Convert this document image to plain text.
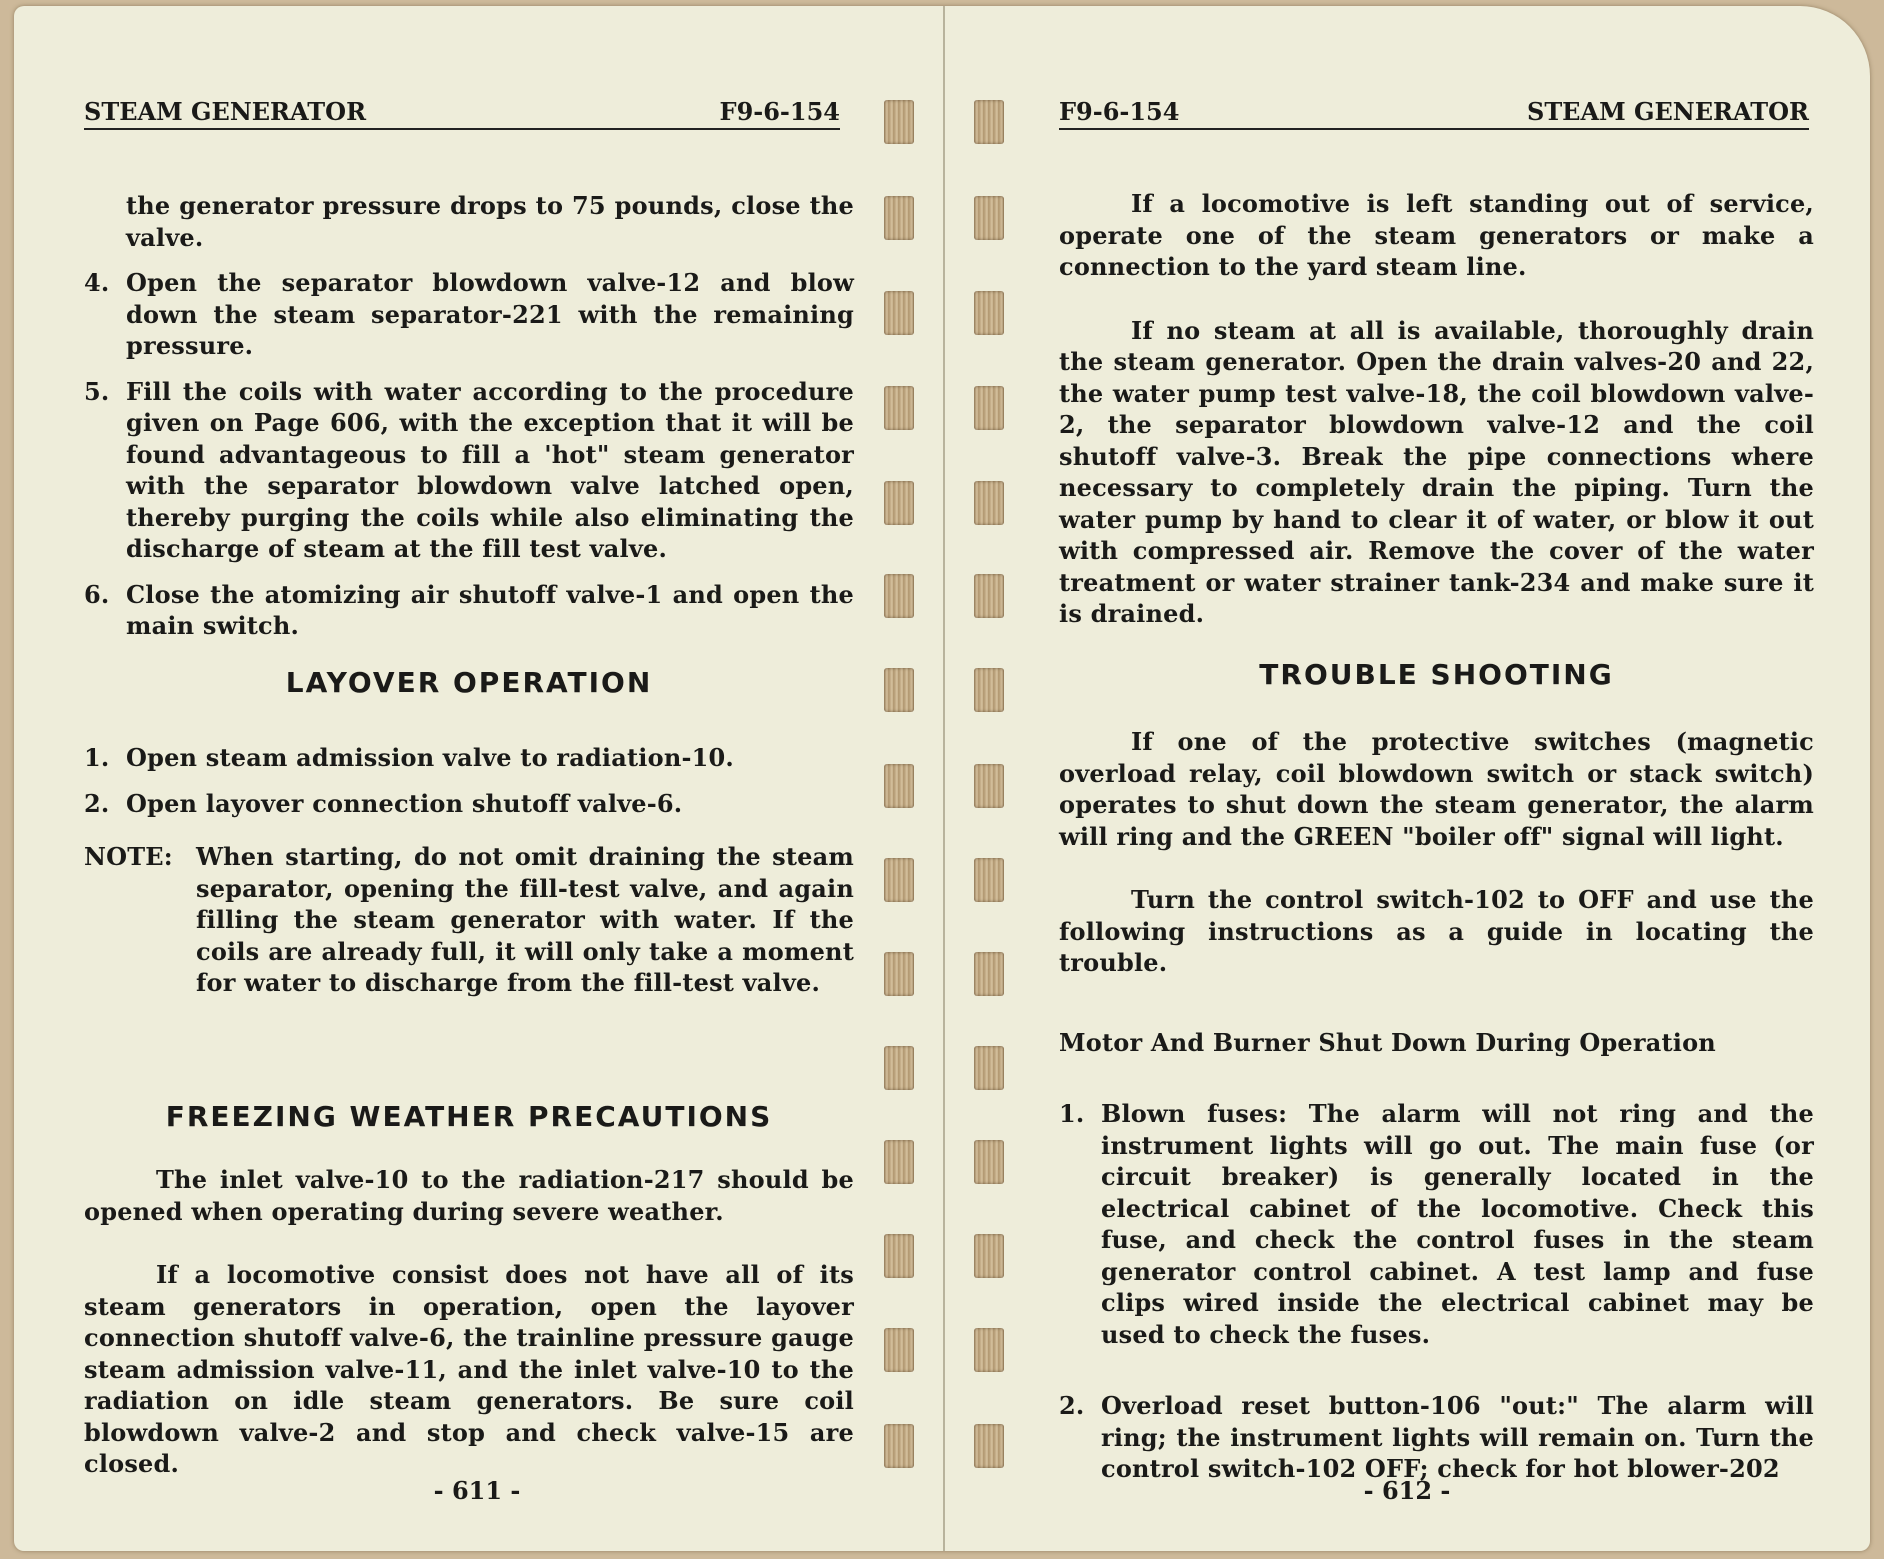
STEAM GENERATOR	F9-6-154

the generator pressure drops to 75 pounds, close the valve.

4. Open the separator blowdown valve-12 and blow down the steam separator-221 with the remaining pressure.

5. Fill the coils with water according to the procedure given on Page 606, with the exception that it will be found advantageous to fill a 'hot" steam generator with the separator blowdown valve latched open, thereby purging the coils while also eliminating the discharge of steam at the fill test valve.

6. Close the atomizing air shutoff valve-1 and open the main switch.

LAYOVER OPERATION
1. Open steam admission valve to radiation-10.

2. Open layover connection shutoff valve-6.

NOTE: When starting, do not omit draining the steam separator, opening the fill-test valve, and again filling the steam generator with water. If the coils are already full, it will only take a moment for water to discharge from the fill-test valve.

FREEZING WEATHER PRECAUTIONS

The inlet valve-10 to the radiation-217 should be opened when operating during severe weather.

If a locomotive consist does not have all of its steam generators in operation, open the layover connection shutoff valve-6, the trainline pressure gauge steam admission valve-11, and the inlet valve-10 to the radiation on idle steam generators. Be sure coil blowdown valve-2 and stop and check valve-15 are closed.

- 611 -
F9-6-154	STEAM GENERATOR

If a locomotive is left standing out of service, operate one of the steam generators or make a connection to the yard steam line.

If no steam at all is available, thoroughly drain the steam generator. Open the drain valves-20 and 22, the water pump test valve-18, the coil blowdown valve-2, the separator blowdown valve-12 and the coil shutoff valve-3. Break the pipe connections where necessary to completely drain the piping. Turn the water pump by hand to clear it of water, or blow it out with compressed air. Remove the cover of the water treatment or water strainer tank-234 and make sure it is drained.

TROUBLE SHOOTING

If one of the protective switches (magnetic overload relay, coil blowdown switch or stack switch) operates to shut down the steam generator, the alarm will ring and the GREEN "boiler off" signal will light.

Turn the control switch-102 to OFF and use the following instructions as a guide in locating the trouble.

Motor And Burner Shut Down During Operation

1. Blown fuses: The alarm will not ring and the instrument lights will go out. The main fuse (or circuit breaker) is generally located in the electrical cabinet of the locomotive. Check this fuse, and check the control fuses in the steam generator control cabinet. A test lamp and fuse clips wired inside the electrical cabinet may be used to check the fuses.

2. Overload reset button-106 "out:" The alarm will ring; the instrument lights will remain on. Turn the control switch-102 OFF; check for hot blower-202

- 612 -
